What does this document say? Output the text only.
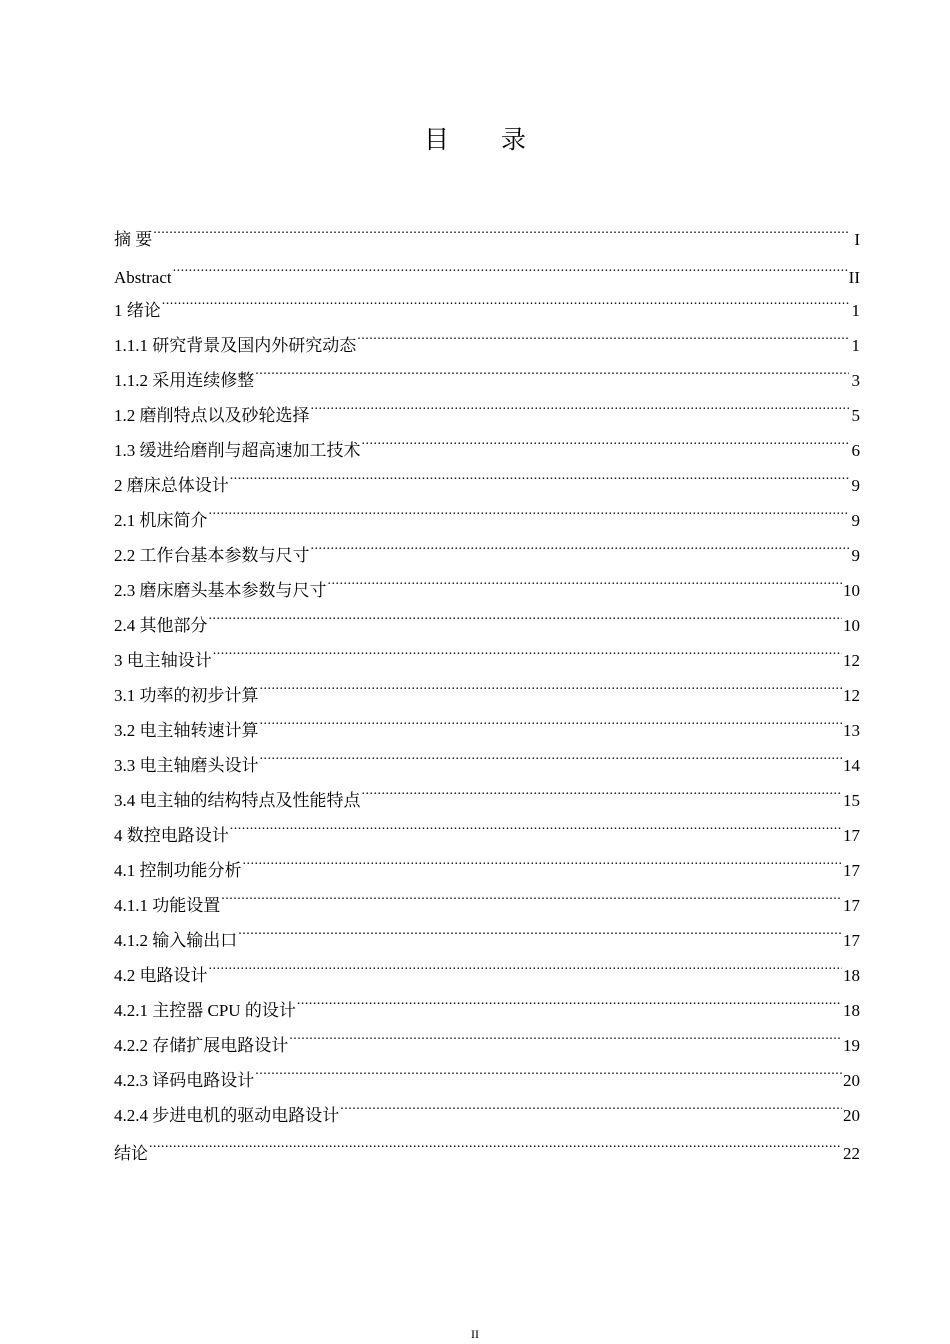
目 录
摘 要 .....	I
Abstract .....	II
1 绪论 .....	1
1.1.1 研究背景及国内外研究动态 .....	1
1.1.2 采用连续修整 .....	3
1.2 磨削特点以及砂轮选择 .....	5
1.3 缓进给磨削与超高速加工技术 .....	6
2 磨床总体设计 .....	9
2.1 机床简介 .....	9
2.2 工作台基本参数与尺寸 .....	9
2.3 磨床磨头基本参数与尺寸 .....	10
2.4 其他部分 .....	10
3 电主轴设计 .....	12
3.1 功率的初步计算 .....	12
3.2 电主轴转速计算 .....	13
3.3 电主轴磨头设计 .....	14
3.4 电主轴的结构特点及性能特点 .....	15
4 数控电路设计 .....	17
4.1 控制功能分析 .....	17
4.1.1 功能设置 .....	17
4.1.2 输入输出口 .....	17
4.2 电路设计 .....	18
4.2.1 主控器 CPU 的设计 .....	18
4.2.2 存储扩展电路设计 .....	19
4.2.3 译码电路设计 .....	20
4.2.4 步进电机的驱动电路设计 .....	20
结论 .....	22
II
